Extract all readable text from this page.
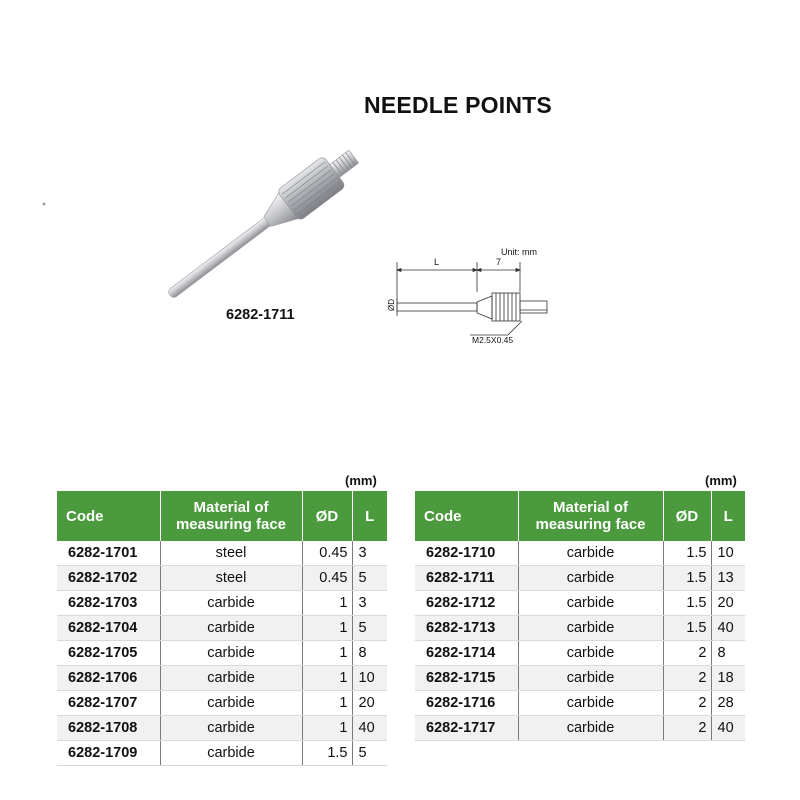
NEEDLE POINTS
6282-1711
Unit: mm
L	7
ØD
M2.5X0.45
(mm)	(mm)
Code	Material of
measuring face	ØD	L
6282-1701	steel	0.45	3
6282-1702	steel	0.45	5
6282-1703	carbide	1	3
6282-1704	carbide	1	5
6282-1705	carbide	1	8
6282-1706	carbide	1	10
6282-1707	carbide	1	20
6282-1708	carbide	1	40
6282-1709	carbide	1.5	5
Code	Material of
measuring face	ØD	L
6282-1710	carbide	1.5	10
6282-1711	carbide	1.5	13
6282-1712	carbide	1.5	20
6282-1713	carbide	1.5	40
6282-1714	carbide	2	8
6282-1715	carbide	2	18
6282-1716	carbide	2	28
6282-1717	carbide	2	40
